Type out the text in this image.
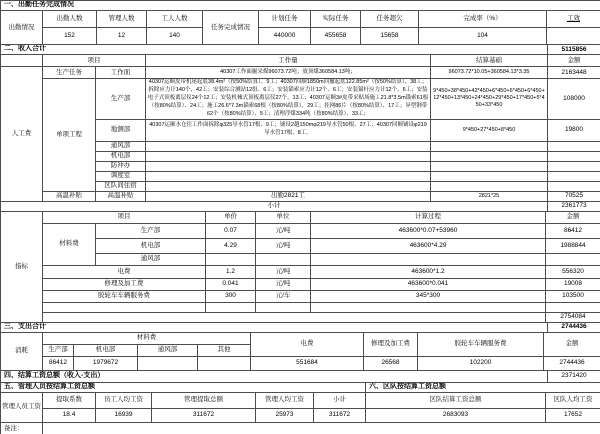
一、出勤任务完成情况
出勤情况	出勤人数	管理人数	工人人数	任务完成情况	计划任务	实际任务	任务超欠	完成率（%）	工效
	152	12	140		440000	455658	15658	104	
二、收入合计	5115856
	项目		工作量	结算基础	金额
人工费	生产任务	工作面	40307工作面掘采煤96073.72吨；放顶煤360584.13吨；	96073.72*10.05+360584.13*3.35	2163448
	单项工程	生产部	40307运顺皮带机尾起底38.4m²（按50%结算）、9工；40307回顺1850m回撤起底122.85m²（按50%结算）、38工；拆除应力计140个、42工；安装综合测站12组、6工；安装锚索应力计12个、6工；安装锚杆应力计12个、6工；安装电子式顶板离层仪24个12工；安装机械式顶板离层仪27个、13工；40307运顺3#皮带采贴场施工21.8*3.5m锚索61根（按80%结算）、24工；施工26.6*7.3m锚索68根（按80%结算）、29工；挂网86片（按80%结算）、17工；异型钢带62个（按80%结算）、5工；清理浮煤334吨（按80%结算）、33工；	9*450+38*450+42*450+6*450+6*450+6*450+12*450+13*450+24*450+29*450+17*450+5*450+33*450	108000
		地测部	40307运顺水仓往工作面拆除φ325导水管17根、9工；铺设2趟150mφ219导水管50根、27工；40307回顺铺设φ219导水管17根、8工。	9*450+27*450+8*450	19800
		通风部			
		机电部			
		防冲办			
		调度室			
		区队间住宿			
	高温补贴	高温补贴	出勤2821工	2821*25	70525
小计					2361773
指标	项目		单价	单位	计算过程	金额
	材料费	生产部	0.07	元/吨	463600*0.07+53960	86412
		机电部	4.29	元/吨	463600*4.29	1988844
		通风部				
	电费		1.2	元/吨	463600*1.2	556320
	修理及加工费		0.041	元/吨	463600*0.041	19008
	胶轮车车辆服务费		300	元/车	345*300	103500

						2754084
三、支出合计	2744436
消耗	材料费				电费	修理及加工费	胶轮车车辆服务费	金额
	生产部	机电部	通风部	其他				
	86412	1979672			551684	26568	102200	2744436
四、结算工资总额（收入-支出）	2371420
五、管理人员按结算工资总额						六、区队按结算工资总额	
管理人员工资	提取系数	员工人均工资	管理提取总额	管理人均工资	小计	区队结算工资总额	区队人均工资
	18.4	16939	311672	25973	311672	2683093	17652
备注：	
